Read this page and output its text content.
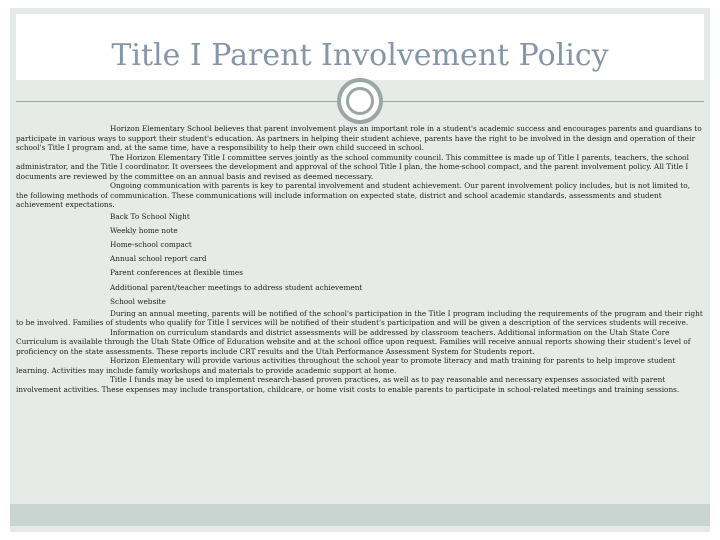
Title I Parent Involvement Policy

Horizon Elementary School believes that parent involvement plays an important role in a student's academic success and encourages parents and guardians to participate in various ways to support their student's education. As partners in helping their student achieve, parents have the right to be involved in the design and operation of their school's Title I program and, at the same time, have a responsibility to help their own child succeed in school.

The Horizon Elementary Title I committee serves jointly as the school community council. This committee is made up of Title I parents, teachers, the school administrator, and the Title I coordinator. It oversees the development and approval of the school Title I plan, the home-school compact, and the parent involvement policy. All Title I documents are reviewed by the committee on an annual basis and revised as deemed necessary.

Ongoing communication with parents is key to parental involvement and student achievement. Our parent involvement policy includes, but is not limited to, the following methods of communication. These communications will include information on expected state, district and school academic standards, assessments and student achievement expectations.

Back To School Night

Weekly home note

Home-school compact

Annual school report card

Parent conferences at flexible times

Additional parent/teacher meetings to address student achievement

School website

During an annual meeting, parents will be notified of the school's participation in the Title I program including the requirements of the program and their right to be involved. Families of students who qualify for Title I services will be notified of their student's participation and will be given a description of the services students will receive.

Information on curriculum standards and district assessments will be addressed by classroom teachers. Additional information on the Utah State Core Curriculum is available through the Utah State Office of Education website and at the school office upon request. Families will receive annual reports showing their student's level of proficiency on the state assessments. These reports include CRT results and the Utah Performance Assessment System for Students report.

Horizon Elementary will provide various activities throughout the school year to promote literacy and math training for parents to help improve student learning. Activities may include family workshops and materials to provide academic support at home.

Title I funds may be used to implement research-based proven practices, as well as to pay reasonable and necessary expenses associated with parent involvement activities. These expenses may include transportation, childcare, or home visit costs to enable parents to participate in school-related meetings and training sessions.
